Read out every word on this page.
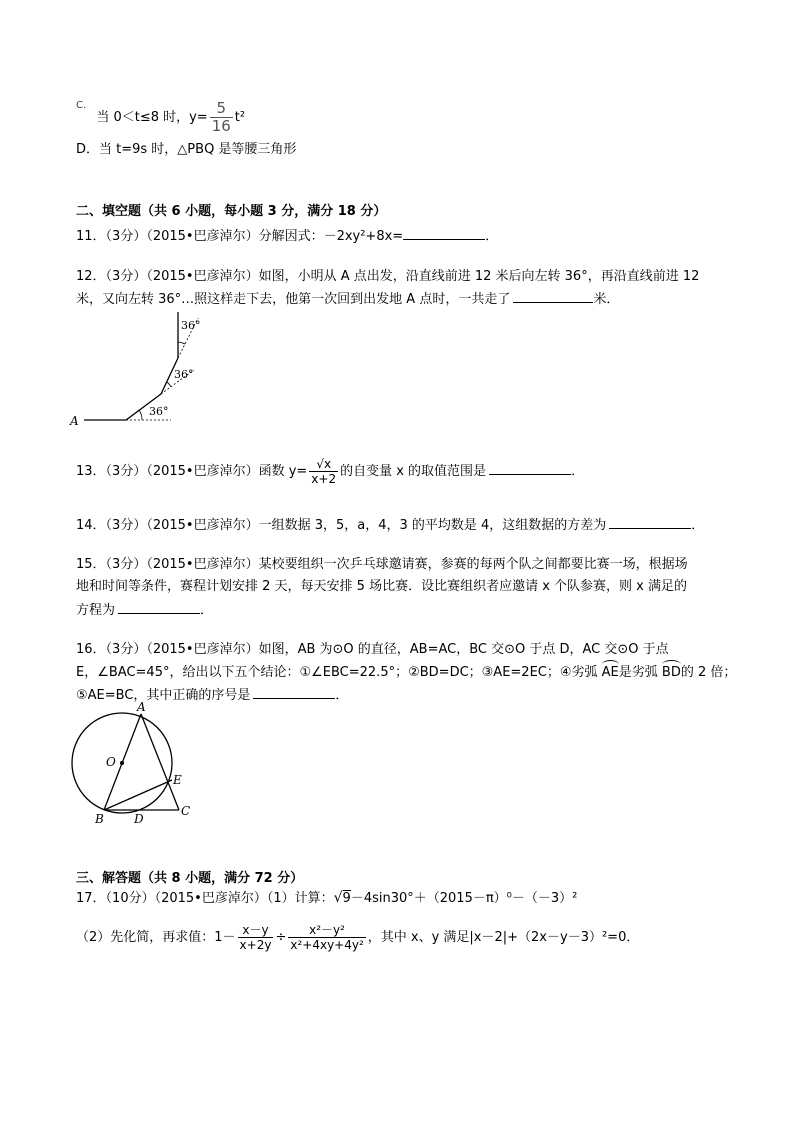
$^{C.}$ 当 0＜t≤8 时，$y= \frac{5}{16} t^2$
D．当 t=9s 时，△PBQ 是等腰三角形
二、填空题（共 6 小题，每小题 3 分，满分 18 分）
11．（3分）（2015•巴彦淖尔）分解因式：－2xy²+8x=	．
12．（3分）（2015•巴彦淖尔）如图，小明从 A 点出发，沿直线前进 12 米后向左转 36°，再沿直线前进 12
米，又向左转 36°…照这样走下去，他第一次回到出发地 A 点时，一共走了	米．
A
36°
36°
36°
13．（3分）（2015•巴彦淖尔）函数 $y= \frac{√x}{x+2}$ 的自变量 x 的取值范围是	．
14．（3分）（2015•巴彦淖尔）一组数据 3，5，a，4，3 的平均数是 4，这组数据的方差为	．
15．（3分）（2015•巴彦淖尔）某校要组织一次乒乓球邀请赛，参赛的每两个队之间都要比赛一场，根据场
地和时间等条件，赛程计划安排 2 天，每天安排 5 场比赛．设比赛组织者应邀请 x 个队参赛，则 x 满足的
方程为	．
16．（3分）（2015•巴彦淖尔）如图，AB 为⊙O 的直径，AB=AC，BC 交⊙O 于点 D，AC 交⊙O 于点
E，∠BAC=45°，给出以下五个结论：①∠EBC=22.5°；②BD=DC；③AE=2EC；④劣弧 AE是劣弧 BD的 2 倍；
⑤AE=BC，其中正确的序号是	．
A
O
E
B	D
C
三、解答题（共 8 小题，满分 72 分）
17．（10分）（2015•巴彦淖尔）（1）计算：√9－4sin30°＋（2015－π）⁰－（－3）²
（2）先化简，再求值：$1- \frac{x-y}{x+2y} \div \frac{\text{x²－y²}}{\text{x²+4xy+4y²}}$ ，其中 x、y 满足|x－2|+（2x－y－3）²=0．
